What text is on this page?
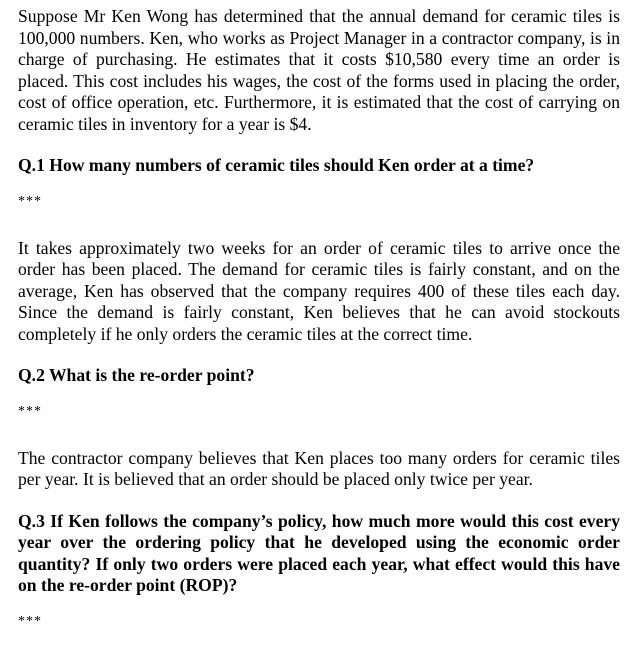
Suppose Mr Ken Wong has determined that the annual demand for ceramic tiles is 100,000 numbers. Ken, who works as Project Manager in a contractor company, is in charge of purchasing. He estimates that it costs $10,580 every time an order is placed. This cost includes his wages, the cost of the forms used in placing the order, cost of office operation, etc. Furthermore, it is estimated that the cost of carrying on ceramic tiles in inventory for a year is $4.

Q.1 How many numbers of ceramic tiles should Ken order at a time?

***

It takes approximately two weeks for an order of ceramic tiles to arrive once the order has been placed. The demand for ceramic tiles is fairly constant, and on the average, Ken has observed that the company requires 400 of these tiles each day. Since the demand is fairly constant, Ken believes that he can avoid stockouts completely if he only orders the ceramic tiles at the correct time.

Q.2 What is the re-order point?

***

The contractor company believes that Ken places too many orders for ceramic tiles per year. It is believed that an order should be placed only twice per year.

Q.3 If Ken follows the company’s policy, how much more would this cost every year over the ordering policy that he developed using the economic order quantity? If only two orders were placed each year, what effect would this have on the re-order point (ROP)?

***
